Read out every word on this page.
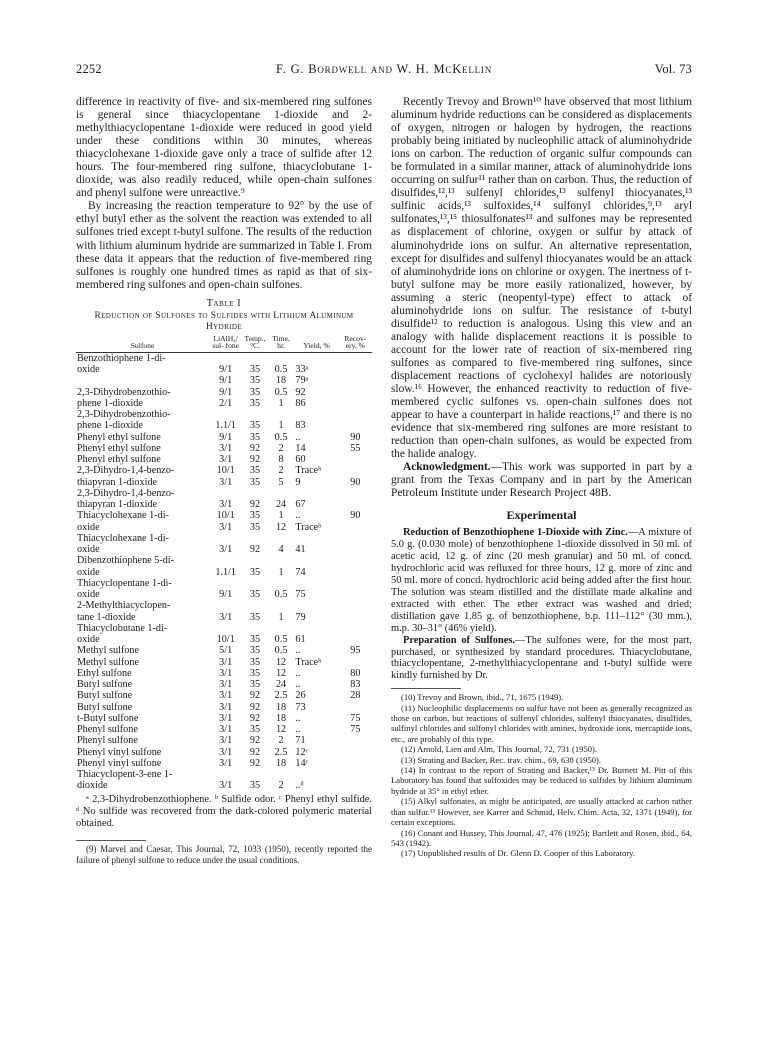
2252	F. G. Bordwell and W. H. McKellin	Vol. 73

difference in reactivity of five- and six-membered ring sulfones is general since thiacyclopentane 1-dioxide and 2-methylthiacyclopentane 1-dioxide were reduced in good yield under these conditions within 30 minutes, whereas thiacyclohexane 1-dioxide gave only a trace of sulfide after 12 hours. The four-membered ring sulfone, thiacyclobutane 1-dioxide, was also readily reduced, while open-chain sulfones and phenyl sulfone were unreactive.⁹

By increasing the reaction temperature to 92° by the use of ethyl butyl ether as the solvent the reaction was extended to all sulfones tried except t-butyl sulfone. The results of the reduction with lithium aluminum hydride are summarized in Table I. From these data it appears that the reduction of five-membered ring sulfones is roughly one hundred times as rapid as that of six-membered ring sulfones and open-chain sulfones.

Table I
Reduction of Sulfones to Sulfides with Lithium Aluminum Hydride
Sulfone	LiAlH₄/ sul- fone	Temp., °C.	Time, hr.	Yield, %	Recov- ery, %
Benzothiophene 1-di-					
oxide	9/1	35	0.5	33ᵃ	
	9/1	35	18	79ᵃ	
2,3-Dihydrobenzothio-	9/1	35	0.5	92	
phene 1-dioxide	2/1	35	1	86	
2,3-Dihydrobenzothio-					
phene 1-dioxide	1.1/1	35	1	83	
Phenyl ethyl sulfone	9/1	35	0.5	..	90
Phenyl ethyl sulfone	3/1	92	2	14	55
Phenyl ethyl sulfone	3/1	92	8	60	
2,3-Dihydro-1,4-benzo-	10/1	35	2	Traceᵇ	
thiapyran 1-dioxide	3/1	35	5	9	90
2,3-Dihydro-1,4-benzo-					
thiapyran 1-dioxide	3/1	92	24	67	
Thiacyclohexane 1-di-	10/1	35	1	..	90
oxide	3/1	35	12	Traceᵇ	
Thiacyclohexane 1-di-					
oxide	3/1	92	4	41	
Dibenzothiophene 5-di-					
oxide	1.1/1	35	1	74	
Thiacyclopentane 1-di-					
oxide	9/1	35	0.5	75	
2-Methylthiacyclopen-					
tane 1-dioxide	3/1	35	1	79	
Thiacyclobutane 1-di-					
oxide	10/1	35	0.5	61	
Methyl sulfone	5/1	35	0.5	..	95
Methyl sulfone	3/1	35	12	Traceᵇ	
Ethyl sulfone	3/1	35	12	..	80
Butyl sulfone	3/1	35	24	..	83
Butyl sulfone	3/1	92	2.5	26	28
Butyl sulfone	3/1	92	18	73	
t-Butyl sulfone	3/1	92	18	..	75
Phenyl sulfone	3/1	35	12	..	75
Phenyl sulfone	3/1	92	2	71	
Phenyl vinyl sulfone	3/1	92	2.5	12ᶜ	
Phenyl vinyl sulfone	3/1	92	18	14ᶜ	
Thiacyclopent-3-ene 1-					
dioxide	3/1	35	2	..ᵈ	

ᵃ 2,3-Dihydrobenzothiophene. ᵇ Sulfide odor. ᶜ Phenyl ethyl sulfide. ᵈ No sulfide was recovered from the dark-colored polymeric material obtained.

(9) Marvel and Caesar, This Journal, 72, 1033 (1950), recently reported the failure of phenyl sulfone to reduce under the usual conditions.

Recently Trevoy and Brown¹⁰ have observed that most lithium aluminum hydride reductions can be considered as displacements of oxygen, nitrogen or halogen by hydrogen, the reactions probably being initiated by nucleophilic attack of aluminohydride ions on carbon. The reduction of organic sulfur compounds can be formulated in a similar manner, attack of aluminohydride ions occurring on sulfur¹¹ rather than on carbon. Thus, the reduction of disulfides,¹²,¹³ sulfenyl chlorides,¹³ sulfenyl thiocyanates,¹³ sulfinic acids,¹³ sulfoxides,¹⁴ sulfonyl chlorides,⁹,¹³ aryl sulfonates,¹³,¹⁵ thiosulfonates¹³ and sulfones may be represented as displacement of chlorine, oxygen or sulfur by attack of aluminohydride ions on sulfur. An alternative representation, except for disulfides and sulfenyl thiocyanates would be an attack of aluminohydride ions on chlorine or oxygen. The inertness of t-butyl sulfone may be more easily rationalized, however, by assuming a steric (neopentyl-type) effect to attack of aluminohydride ions on sulfur. The resistance of t-butyl disulfide¹² to reduction is analogous. Using this view and an analogy with halide displacement reactions it is possible to account for the lower rate of reaction of six-membered ring sulfones as compared to five-membered ring sulfones, since displacement reactions of cyclohexyl halides are notoriously slow.¹⁶ However, the enhanced reactivity to reduction of five-membered cyclic sulfones vs. open-chain sulfones does not appear to have a counterpart in halide reactions,¹⁷ and there is no evidence that six-membered ring sulfones are more resistant to reduction than open-chain sulfones, as would be expected from the halide analogy.

Acknowledgment.—This work was supported in part by a grant from the Texas Company and in part by the American Petroleum Institute under Research Project 48B.

Experimental

Reduction of Benzothiophene 1-Dioxide with Zinc.—A mixture of 5.0 g. (0.030 mole) of benzothiophene 1-dioxide dissolved in 50 ml. of acetic acid, 12 g. of zinc (20 mesh granular) and 50 ml. of concd. hydrochloric acid was refluxed for three hours, 12 g. more of zinc and 50 ml. more of concd. hydrochloric acid being added after the first hour. The solution was steam distilled and the distillate made alkaline and extracted with ether. The ether extract was washed and dried; distillation gave 1.85 g. of benzothiophene, b.p. 111–112° (30 mm.), m.p. 30–31° (46% yield).

Preparation of Sulfones.—The sulfones were, for the most part, purchased, or synthesized by standard procedures. Thiacyclobutane, thiacyclopentane, 2-methylthiacyclopentane and t-butyl sulfide were kindly furnished by Dr.

(10) Trevoy and Brown, ibid., 71, 1675 (1949).

(11) Nucleophilic displacements on sulfur have not been as generally recognized as those on carbon, but reactions of sulfenyl chlorides, sulfenyl thiocyanates, disulfides, sulfinyl chlorides and sulfonyl chlorides with amines, hydroxide ions, mercaptide ions, etc., are probably of this type.

(12) Arnold, Lien and Alm, This Journal, 72, 731 (1950).

(13) Strating and Backer, Rec. trav. chim., 69, 638 (1950).

(14) In contrast to the report of Strating and Backer,¹³ Dr. Burnett M. Pitt of this Laboratory has found that sulfoxides may be reduced to sulfides by lithium aluminum hydride at 35° in ethyl ether.

(15) Alkyl sulfonates, as might be anticipated, are usually attacked at carbon rather than sulfur.¹³ However, see Karrer and Schmid, Helv. Chim. Acta, 32, 1371 (1949), for certain exceptions.

(16) Conant and Hussey, This Journal, 47, 476 (1925); Bartlett and Rosen, ibid., 64, 543 (1942).

(17) Unpublished results of Dr. Glenn D. Cooper of this Laboratory.
